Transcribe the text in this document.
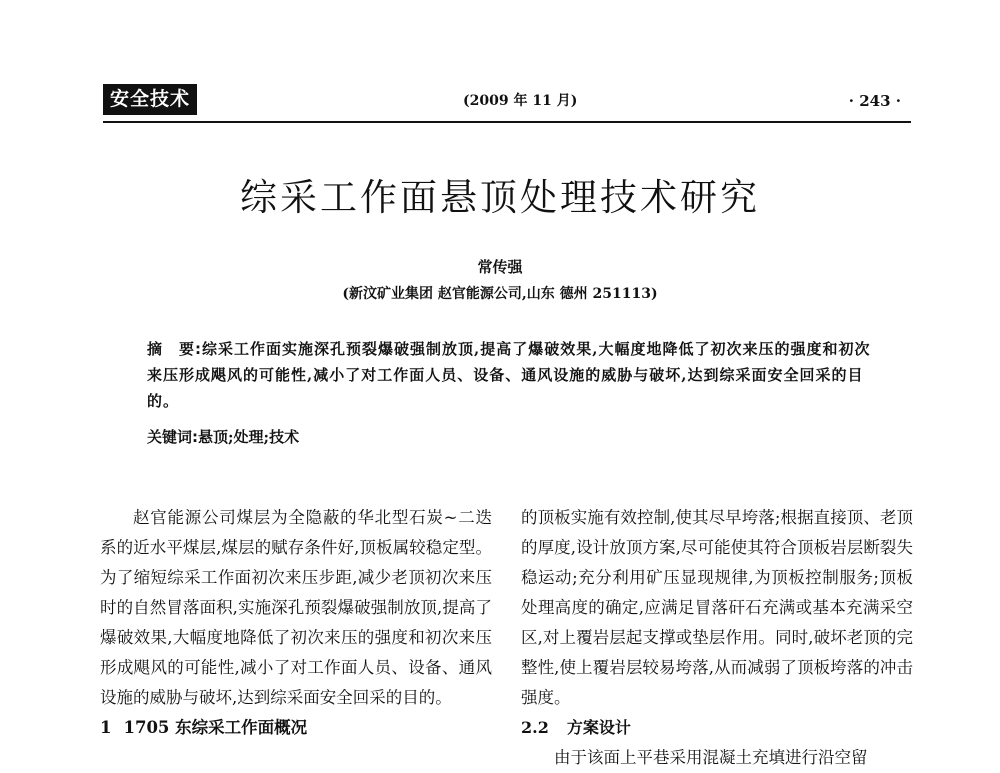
安全技术	(2009 年 11 月)	· 243 ·
综采工作面悬顶处理技术研究
常传强
(新汶矿业集团 赵官能源公司,山东 德州 251113)
摘　要:综采工作面实施深孔预裂爆破强制放顶,提高了爆破效果,大幅度地降低了初次来压的强度和初次来压形成飓风的可能性,减小了对工作面人员、设备、通风设施的威胁与破坏,达到综采面安全回采的目的。
关键词:悬顶;处理;技术

赵官能源公司煤层为全隐蔽的华北型石炭~二迭系的近水平煤层,煤层的赋存条件好,顶板属较稳定型。为了缩短综采工作面初次来压步距,减少老顶初次来压时的自然冒落面积,实施深孔预裂爆破强制放顶,提高了爆破效果,大幅度地降低了初次来压的强度和初次来压形成飓风的可能性,减小了对工作面人员、设备、通风设施的威胁与破坏,达到综采面安全回采的目的。

1 1705 东综采工作面概况

的顶板实施有效控制,使其尽早垮落;根据直接顶、老顶的厚度,设计放顶方案,尽可能使其符合顶板岩层断裂失稳运动;充分利用矿压显现规律,为顶板控制服务;顶板处理高度的确定,应满足冒落矸石充满或基本充满采空区,对上覆岩层起支撑或垫层作用。同时,破坏老顶的完整性,使上覆岩层较易垮落,从而减弱了顶板垮落的冲击强度。

2.2 方案设计

由于该面上平巷采用混凝土充填进行沿空留
